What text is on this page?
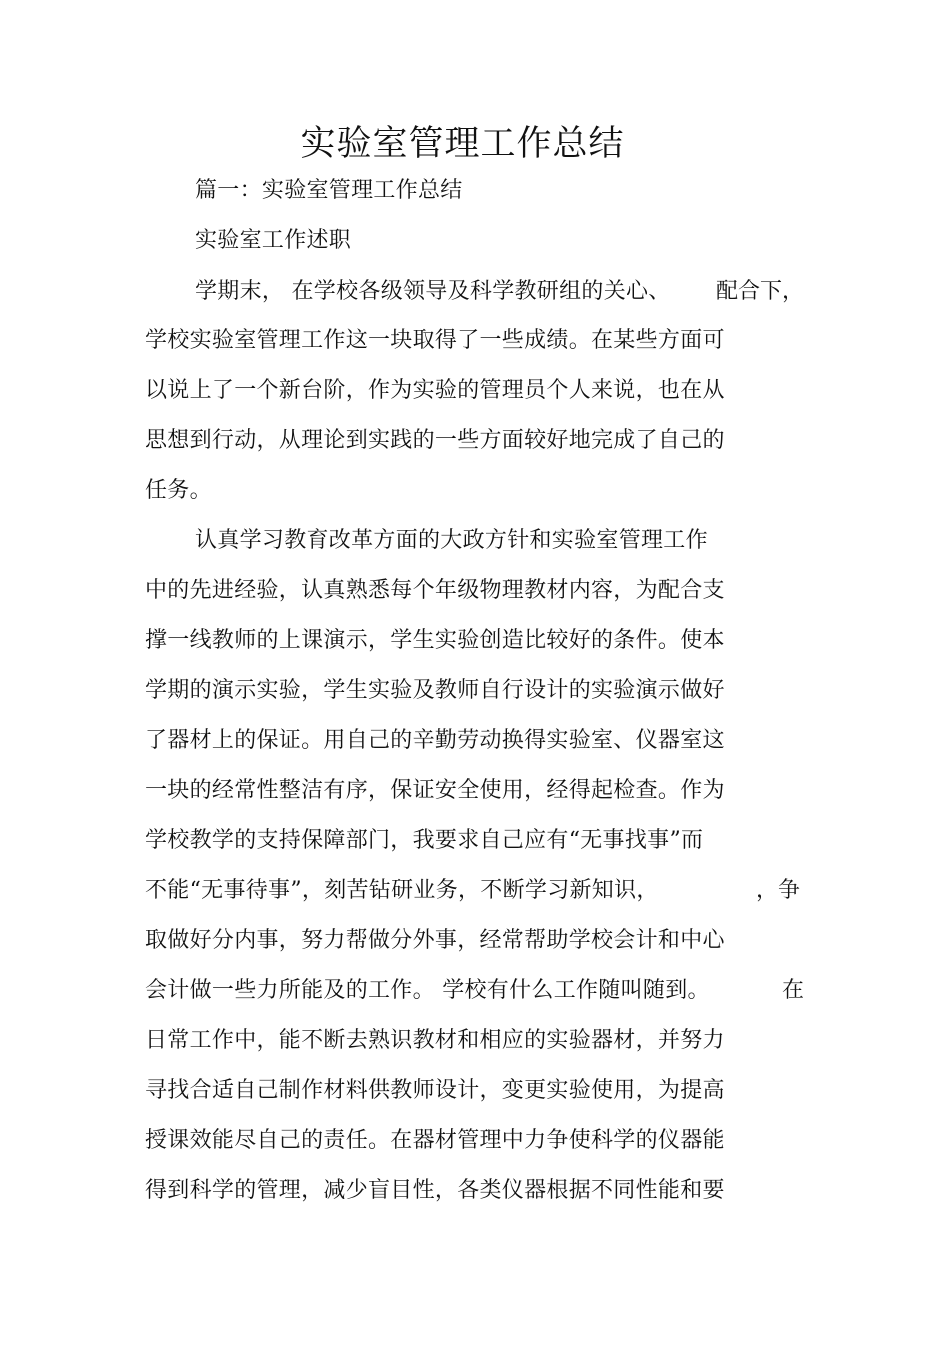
实验室管理工作总结
篇一：实验室管理工作总结
实验室工作述职
学期末， 在学校各级领导及科学教研组的关心、 配合下，
学校实验室管理工作这一块取得了一些成绩。在某些方面可
以说上了一个新台阶，作为实验的管理员个人来说，也在从
思想到行动，从理论到实践的一些方面较好地完成了自己的
任务。
认真学习教育改革方面的大政方针和实验室管理工作
中的先进经验，认真熟悉每个年级物理教材内容，为配合支
撑一线教师的上课演示，学生实验创造比较好的条件。使本
学期的演示实验，学生实验及教师自行设计的实验演示做好
了器材上的保证。用自己的辛勤劳动换得实验室、仪器室这
一块的经常性整洁有序，保证安全使用，经得起检查。作为
学校教学的支持保障部门，我要求自己应有“无事找事”而
不能“无事待事”，刻苦钻研业务，不断学习新知识，	，争
取做好分内事，努力帮做分外事，经常帮助学校会计和中心
会计做一些力所能及的工作。 学校有什么工作随叫随到。	在
日常工作中，能不断去熟识教材和相应的实验器材，并努力
寻找合适自己制作材料供教师设计，变更实验使用，为提高
授课效能尽自己的责任。在器材管理中力争使科学的仪器能
得到科学的管理，减少盲目性，各类仪器根据不同性能和要
